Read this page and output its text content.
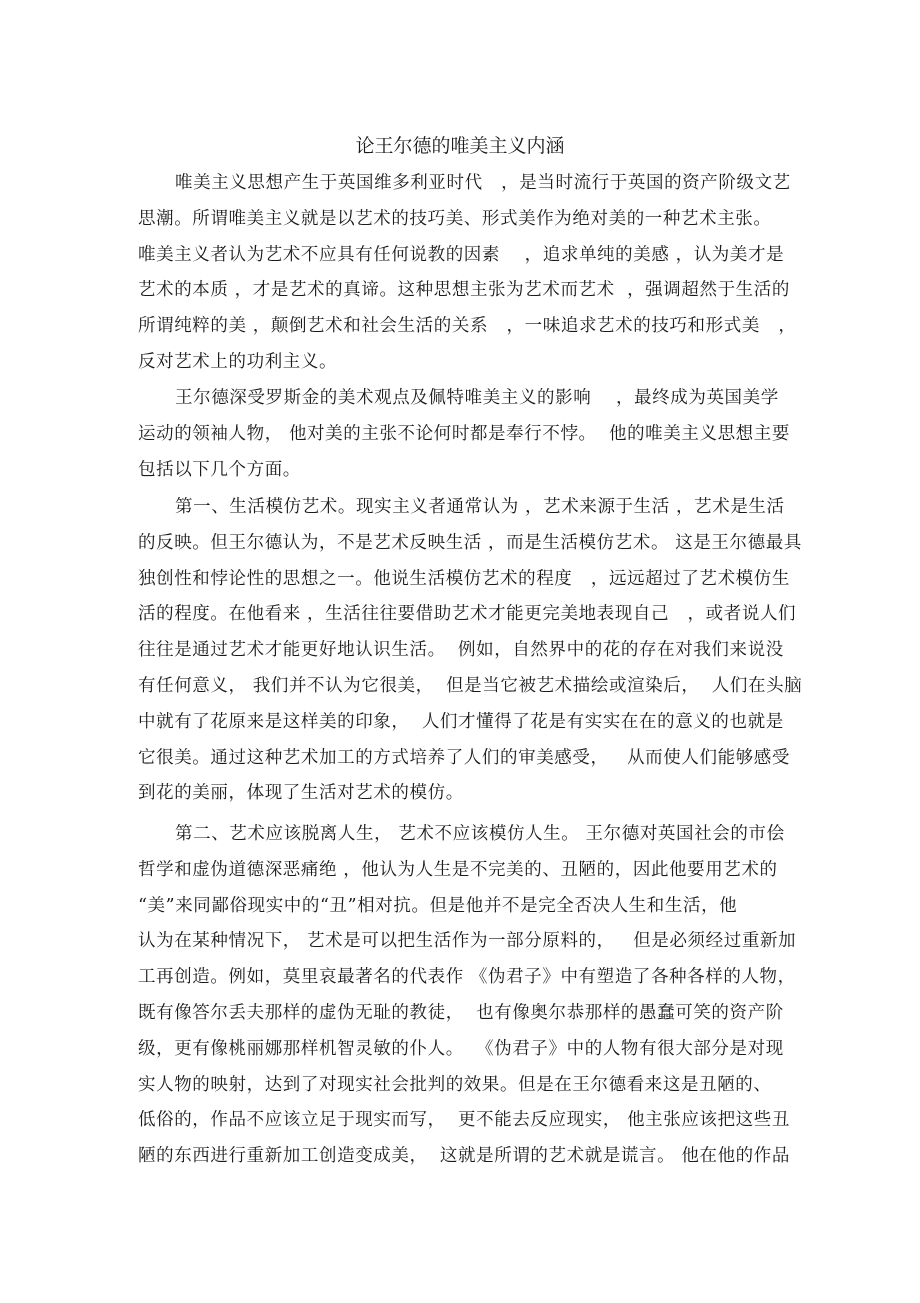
论王尔德的唯美主义内涵
唯美主义思想产生于英国维多利亚时代   ，是当时流行于英国的资产阶级文艺
思潮。所谓唯美主义就是以艺术的技巧美、形式美作为绝对美的一种艺术主张。
唯美主义者认为艺术不应具有任何说教的因素    ，追求单纯的美感 ，认为美才是
艺术的本质 ，才是艺术的真谛。这种思想主张为艺术而艺术  ，强调超然于生活的
所谓纯粹的美 ，颠倒艺术和社会生活的关系   ，一味追求艺术的技巧和形式美   ，
反对艺术上的功利主义。
王尔德深受罗斯金的美术观点及佩特唯美主义的影响    ，最终成为英国美学
运动的领袖人物， 他对美的主张不论何时都是奉行不悖。  他的唯美主义思想主要
包括以下几个方面。
第一、生活模仿艺术。现实主义者通常认为 ，艺术来源于生活 ，艺术是生活
的反映。但王尔德认为，不是艺术反映生活 ，而是生活模仿艺术。 这是王尔德最具
独创性和悖论性的思想之一。他说生活模仿艺术的程度   ，远远超过了艺术模仿生
活的程度。在他看来 ，生活往往要借助艺术才能更完美地表现自己   ，或者说人们
往往是通过艺术才能更好地认识生活。  例如，自然界中的花的存在对我们来说没
有任何意义， 我们并不认为它很美，  但是当它被艺术描绘或渲染后，  人们在头脑
中就有了花原来是这样美的印象，  人们才懂得了花是有实实在在的意义的也就是
它很美。通过这种艺术加工的方式培养了人们的审美感受，   从而使人们能够感受
到花的美丽，体现了生活对艺术的模仿。
第二、艺术应该脱离人生， 艺术不应该模仿人生。 王尔德对英国社会的市侩
哲学和虚伪道德深恶痛绝 ，他认为人生是不完美的、丑陋的，因此他要用艺术的
“美”来同鄙俗现实中的“丑”相对抗。但是他并不是完全否决人生和生活，他
认为在某种情况下， 艺术是可以把生活作为一部分原料的，   但是必须经过重新加
工再创造。例如，莫里哀最著名的代表作 《伪君子》中有塑造了各种各样的人物，
既有像答尔丢夫那样的虚伪无耻的教徒，  也有像奥尔恭那样的愚蠢可笑的资产阶
级，更有像桃丽娜那样机智灵敏的仆人。  《伪君子》中的人物有很大部分是对现
实人物的映射，达到了对现实社会批判的效果。但是在王尔德看来这是丑陋的、
低俗的，作品不应该立足于现实而写，  更不能去反应现实， 他主张应该把这些丑
陋的东西进行重新加工创造变成美，  这就是所谓的艺术就是谎言。 他在他的作品
